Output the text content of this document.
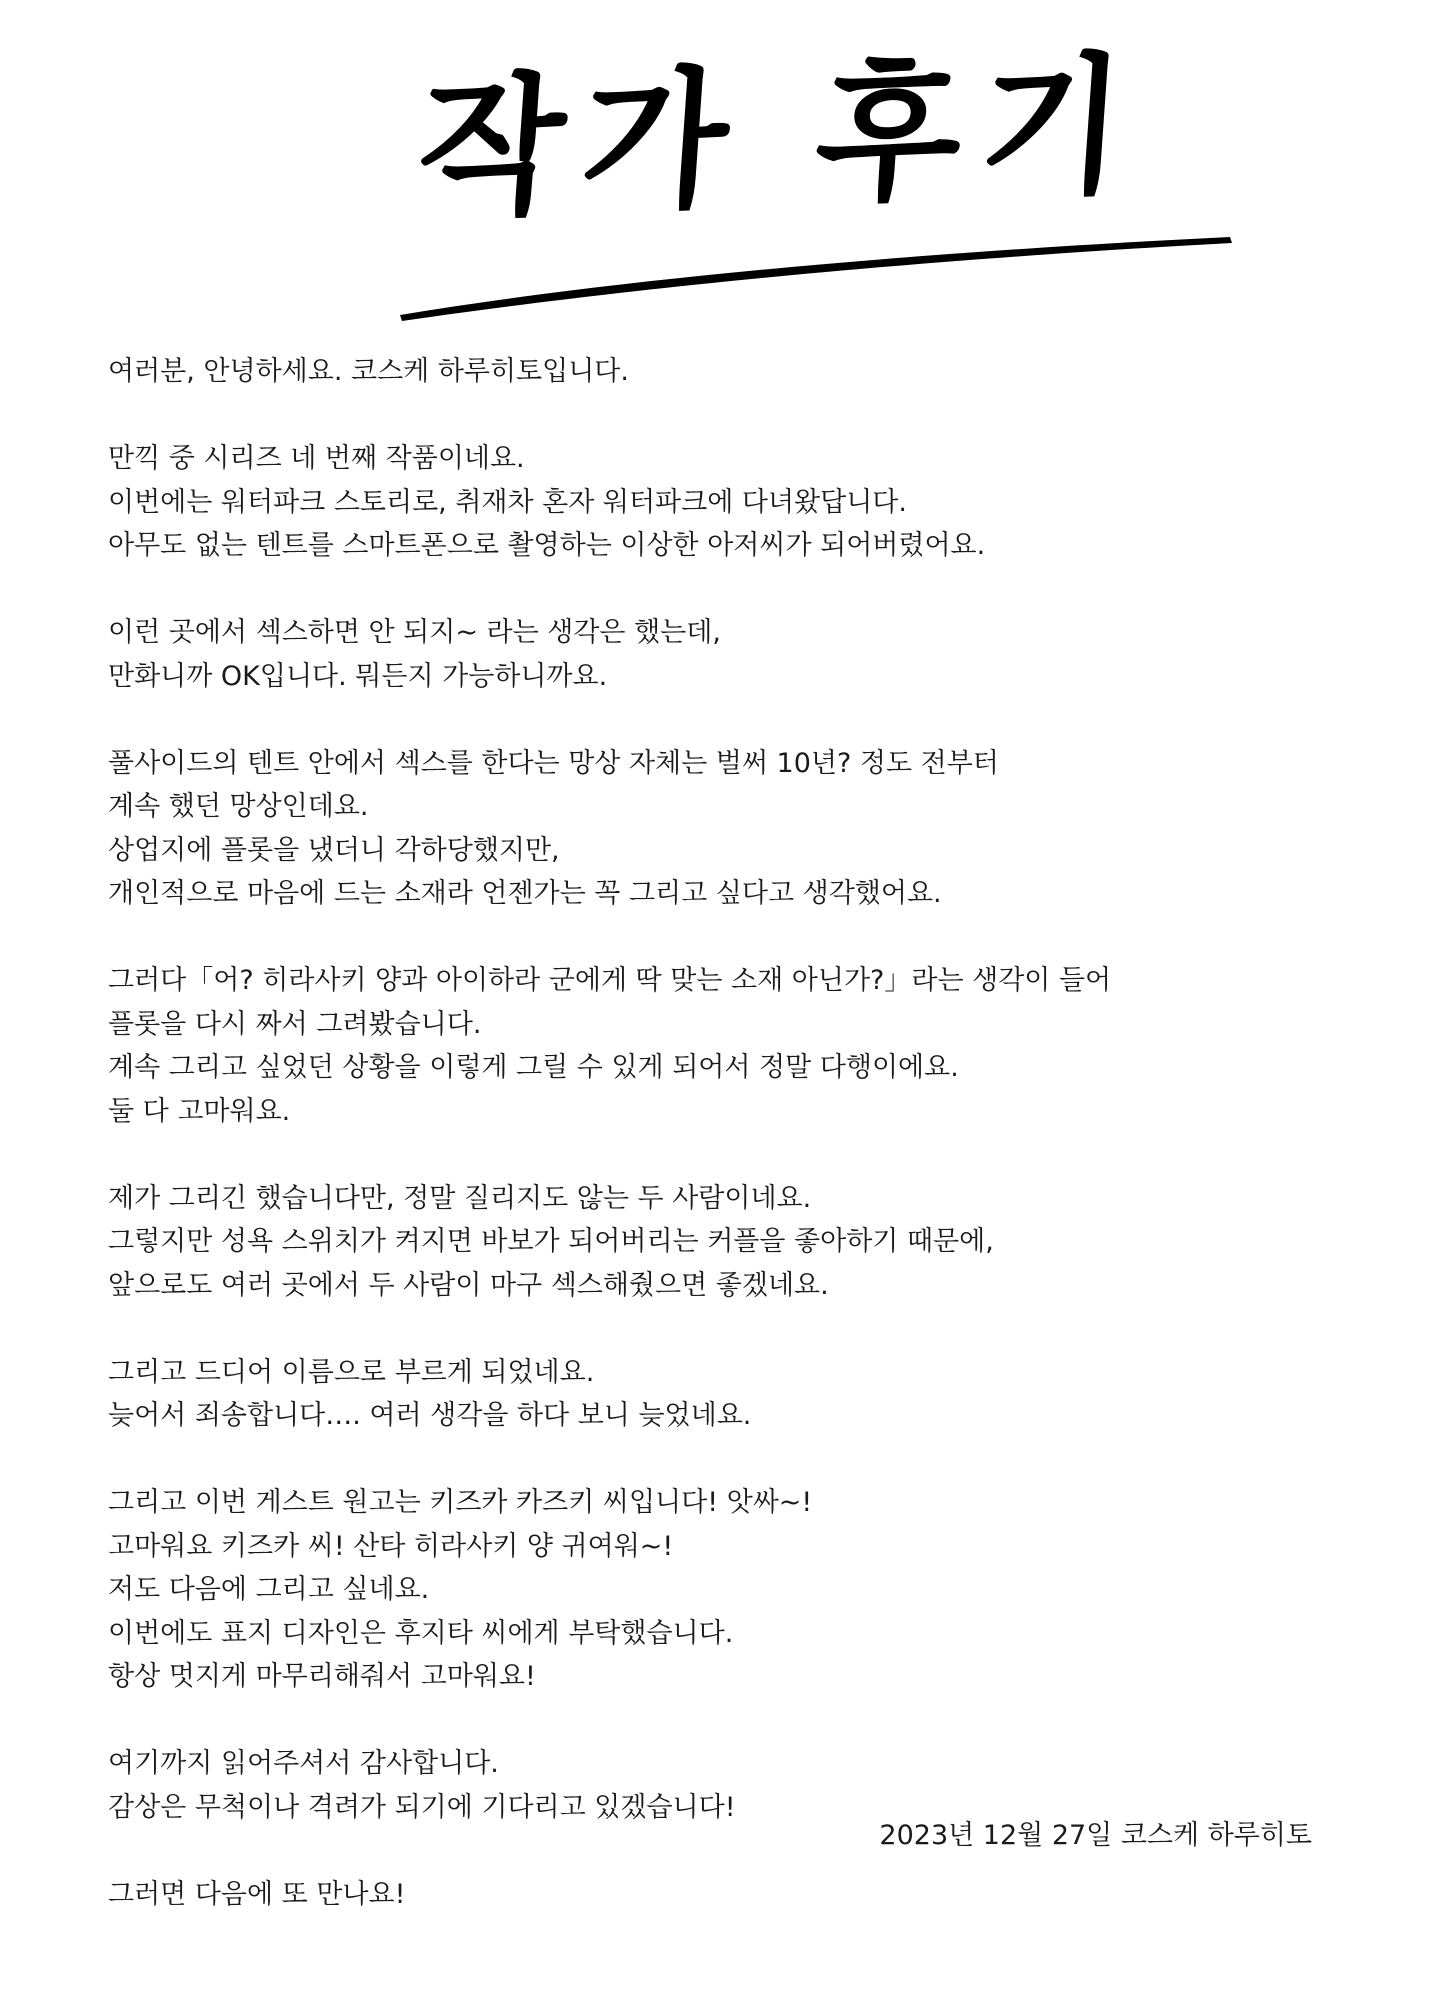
작가 후기
여러분, 안녕하세요. 코스케 하루히토입니다.
만끽 중 시리즈 네 번째 작품이네요.
이번에는 워터파크 스토리로, 취재차 혼자 워터파크에 다녀왔답니다.
아무도 없는 텐트를 스마트폰으로 촬영하는 이상한 아저씨가 되어버렸어요.
이런 곳에서 섹스하면 안 되지~ 라는 생각은 했는데,
만화니까 OK입니다. 뭐든지 가능하니까요.
풀사이드의 텐트 안에서 섹스를 한다는 망상 자체는 벌써 10년? 정도 전부터
계속 했던 망상인데요.
상업지에 플롯을 냈더니 각하당했지만,
개인적으로 마음에 드는 소재라 언젠가는 꼭 그리고 싶다고 생각했어요.
그러다「어? 히라사키 양과 아이하라 군에게 딱 맞는 소재 아닌가?」라는 생각이 들어
플롯을 다시 짜서 그려봤습니다.
계속 그리고 싶었던 상황을 이렇게 그릴 수 있게 되어서 정말 다행이에요.
둘 다 고마워요.
제가 그리긴 했습니다만, 정말 질리지도 않는 두 사람이네요.
그렇지만 성욕 스위치가 켜지면 바보가 되어버리는 커플을 좋아하기 때문에,
앞으로도 여러 곳에서 두 사람이 마구 섹스해줬으면 좋겠네요.
그리고 드디어 이름으로 부르게 되었네요.
늦어서 죄송합니다…. 여러 생각을 하다 보니 늦었네요.
그리고 이번 게스트 원고는 키즈카 카즈키 씨입니다! 앗싸~!
고마워요 키즈카 씨! 산타 히라사키 양 귀여워~!
저도 다음에 그리고 싶네요.
이번에도 표지 디자인은 후지타 씨에게 부탁했습니다.
항상 멋지게 마무리해줘서 고마워요!
여기까지 읽어주셔서 감사합니다.
감상은 무척이나 격려가 되기에 기다리고 있겠습니다!
그러면 다음에 또 만나요!
2023년 12월 27일 코스케 하루히토
